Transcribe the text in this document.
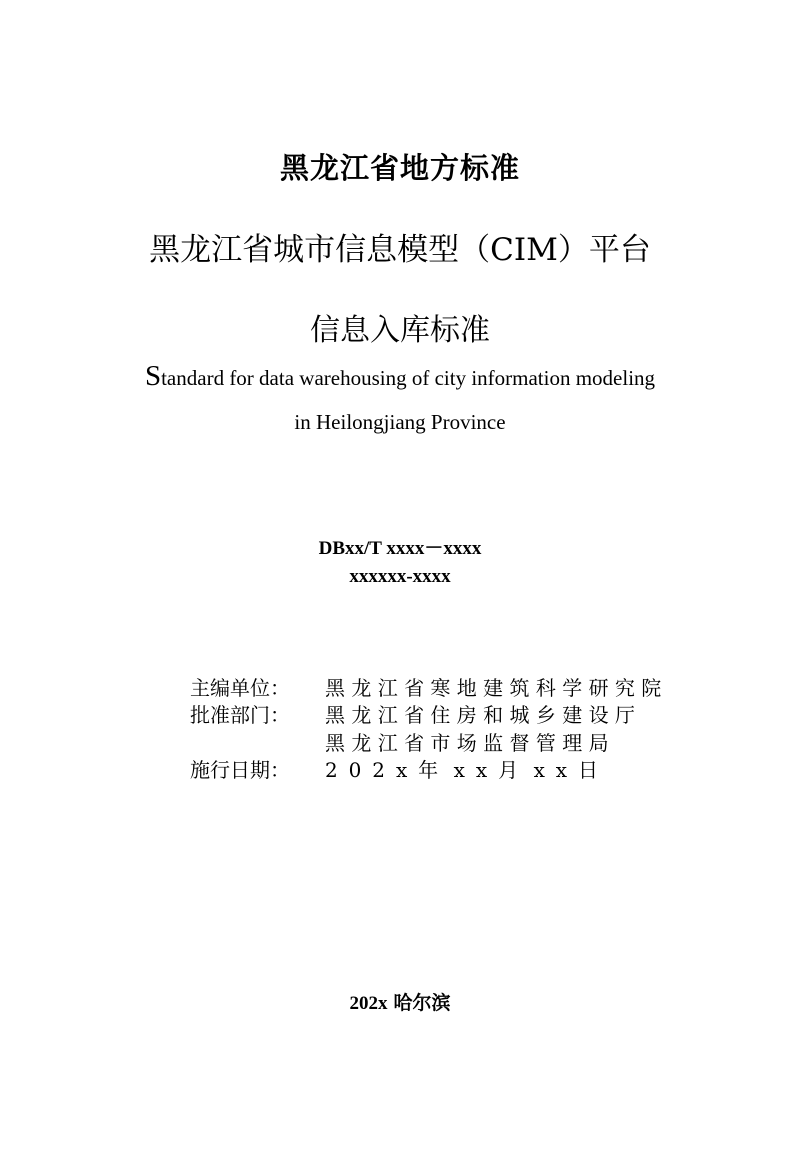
黑龙江省地方标准
黑龙江省城市信息模型（CIM）平台
信息入库标准
Standard for data warehousing of city information modeling
in Heilongjiang Province
DBxx/T xxxx－xxxx
xxxxxx-xxxx
主编单位： 黑 龙 江 省 寒 地 建 筑 科 学 研 究 院
批准部门： 黑 龙 江 省 住 房 和 城 乡 建 设 厅
黑 龙 江 省 市 场 监 督 管 理 局
施行日期： 2 0 2 x 年 x x 月 x x 日
202x 哈尔滨
